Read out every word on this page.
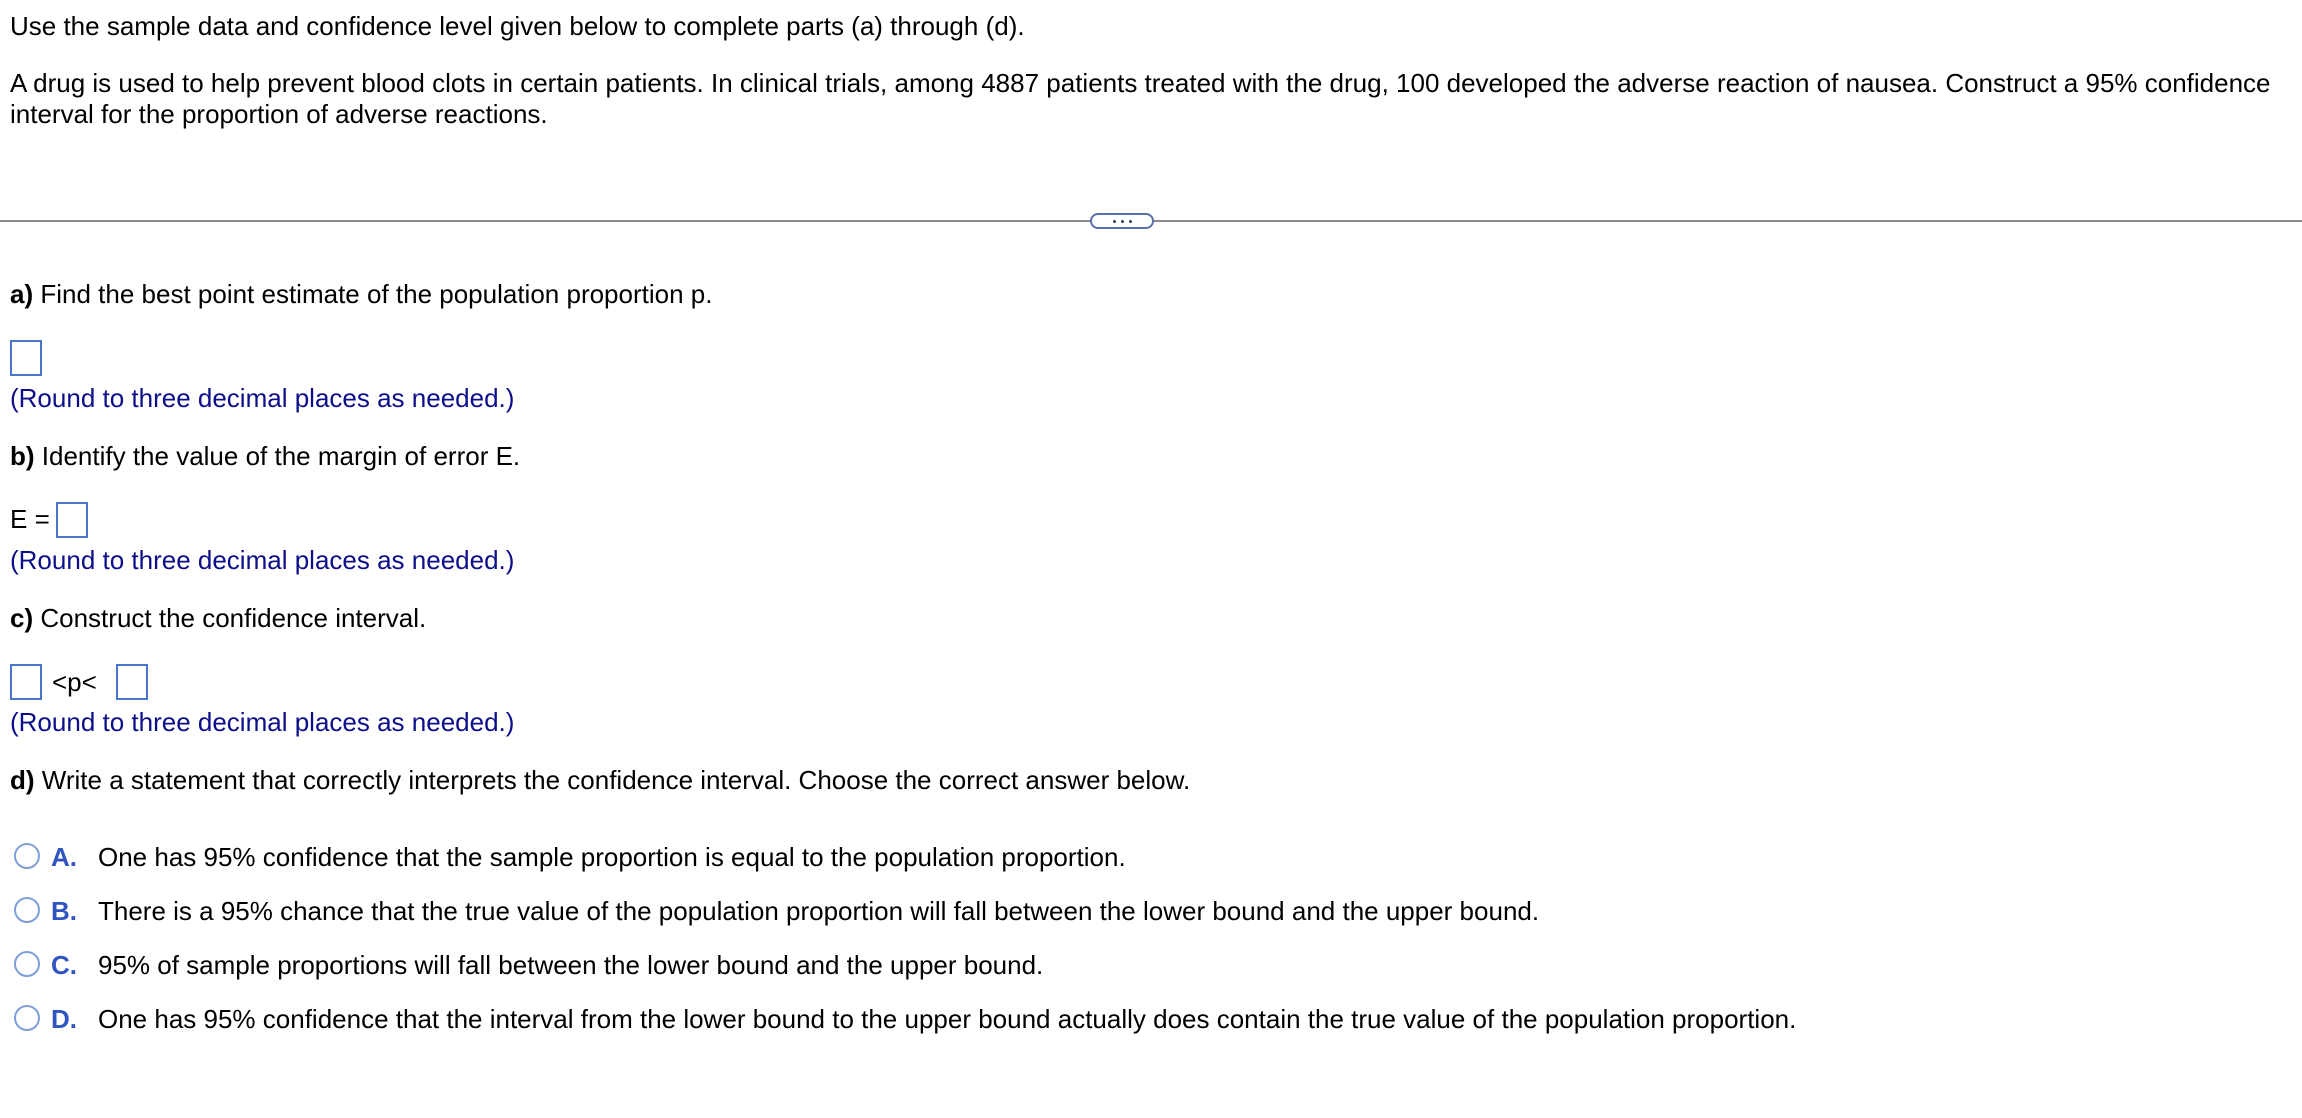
Use the sample data and confidence level given below to complete parts (a) through (d).
A drug is used to help prevent blood clots in certain patients. In clinical trials, among 4887 patients treated with the drug, 100 developed the adverse reaction of nausea. Construct a 95% confidence interval for the proportion of adverse reactions.
a) Find the best point estimate of the population proportion p.
(Round to three decimal places as needed.)
b) Identify the value of the margin of error E.
E =
(Round to three decimal places as needed.)
c) Construct the confidence interval.
<p<
(Round to three decimal places as needed.)
d) Write a statement that correctly interprets the confidence interval. Choose the correct answer below.
A. One has 95% confidence that the sample proportion is equal to the population proportion.
B. There is a 95% chance that the true value of the population proportion will fall between the lower bound and the upper bound.
C. 95% of sample proportions will fall between the lower bound and the upper bound.
D. One has 95% confidence that the interval from the lower bound to the upper bound actually does contain the true value of the population proportion.
